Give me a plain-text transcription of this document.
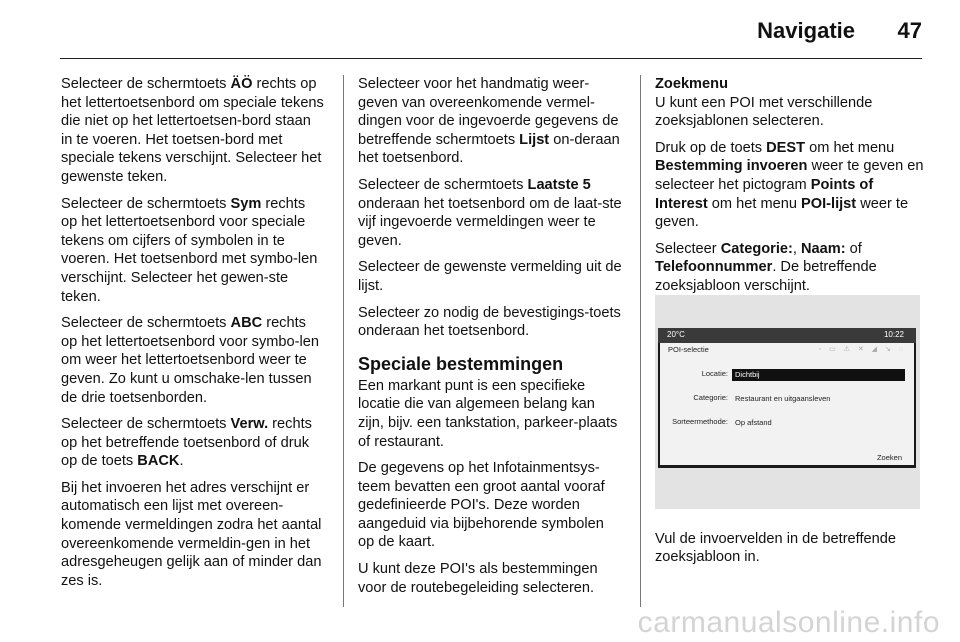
Navigatie 47

Selecteer de schermtoets ÄÖ rechts op het lettertoetsenbord om speciale tekens die niet op het lettertoetsen-bord staan in te voeren. Het toetsen-bord met speciale tekens verschijnt. Selecteer het gewenste teken.

Selecteer de schermtoets Sym rechts op het lettertoetsenbord voor speciale tekens om cijfers of symbolen in te voeren. Het toetsenbord met symbo-len verschijnt. Selecteer het gewen-ste teken.

Selecteer de schermtoets ABC rechts op het lettertoetsenbord voor symbo-len om weer het lettertoetsenbord weer te geven. Zo kunt u omschake-len tussen de drie toetsenborden.

Selecteer de schermtoets Verw. rechts op het betreffende toetsenbord of druk op de toets BACK.

Bij het invoeren het adres verschijnt er automatisch een lijst met overeen-komende vermeldingen zodra het aantal overeenkomende vermeldin-gen in het adresgeheugen gelijk aan of minder dan zes is.

Selecteer voor het handmatig weer-geven van overeenkomende vermel-dingen voor de ingevoerde gegevens de betreffende schermtoets Lijst on-deraan het toetsenbord.

Selecteer de schermtoets Laatste 5 onderaan het toetsenbord om de laat-ste vijf ingevoerde vermeldingen weer te geven.

Selecteer de gewenste vermelding uit de lijst.

Selecteer zo nodig de bevestigings-toets onderaan het toetsenbord.

Speciale bestemmingen

Een markant punt is een specifieke locatie die van algemeen belang kan zijn, bijv. een tankstation, parkeer-plaats of restaurant.

De gegevens op het Infotainmentsys-teem bevatten een groot aantal vooraf gedefinieerde POI's. Deze worden aangeduid via bijbehorende symbolen op de kaart.

U kunt deze POI's als bestemmingen voor de routebegeleiding selecteren.

Zoekmenu

U kunt een POI met verschillende zoeksjablonen selecteren.

Druk op de toets DEST om het menu Bestemming invoeren weer te geven en selecteer het pictogram Points of Interest om het menu POI-lijst weer te geven.

Selecteer Categorie:, Naam: of Telefoonnummer. De betreffende zoeksjabloon verschijnt.

Vul de invoervelden in de betreffende zoeksjabloon in.

20°C	10:22
POI-selectie	◦ ▭ ⚠ ✕ ◢ ↘ ◌
Locatie: Dichtbij
Categorie: Restaurant en uitgaansleven
Sorteermethode: Op afstand
Zoeken
carmanualsonline.info
